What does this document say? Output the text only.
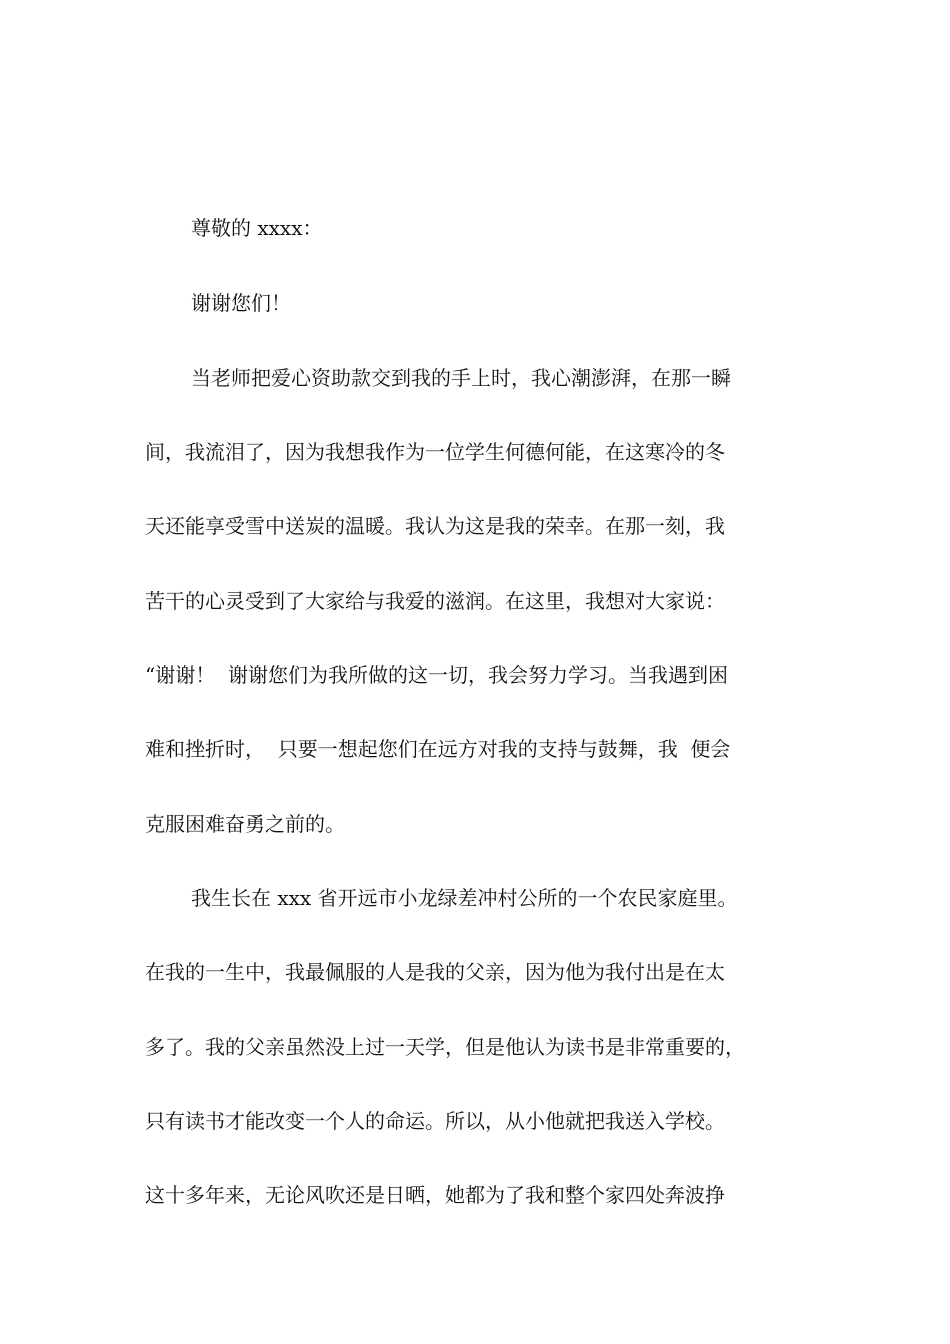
尊敬的 xxxx：
谢谢您们！
当老师把爱心资助款交到我的手上时，我心潮澎湃，在那一瞬
间，我流泪了，因为我想我作为一位学生何德何能，在这寒冷的冬
天还能享受雪中送炭的温暖。我认为这是我的荣幸。在那一刻，我
苦干的心灵受到了大家给与我爱的滋润。在这里，我想对大家说：
“谢谢！  谢谢您们为我所做的这一切，我会努力学习。当我遇到困
难和挫折时，  只要一想起您们在远方对我的支持与鼓舞，我  便会
克服困难奋勇之前的。
我生长在 xxx 省开远市小龙绿差冲村公所的一个农民家庭里。
在我的一生中，我最佩服的人是我的父亲，因为他为我付出是在太
多了。我的父亲虽然没上过一天学，但是他认为读书是非常重要的，
只有读书才能改变一个人的命运。所以，从小他就把我送入学校。
这十多年来，无论风吹还是日晒，她都为了我和整个家四处奔波挣
